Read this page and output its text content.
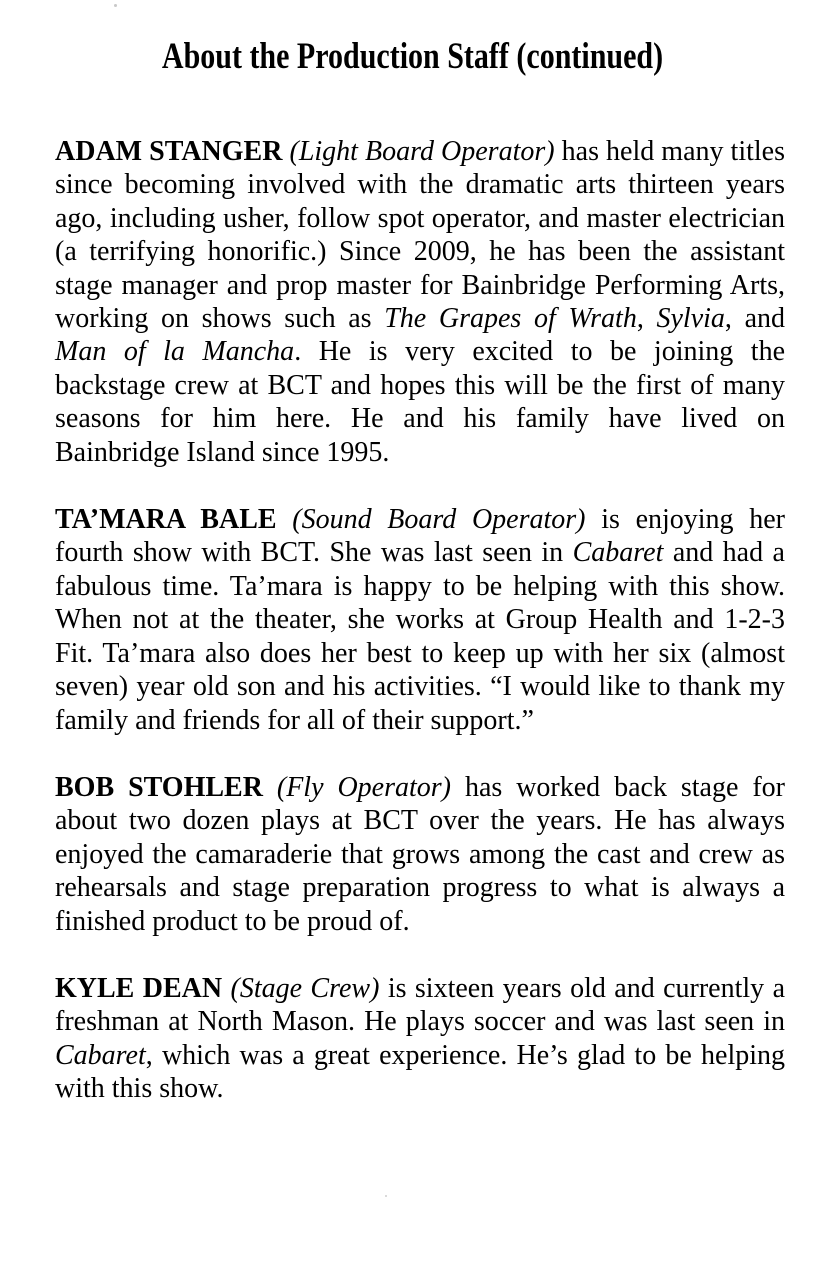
About the Production Staff (continued)

ADAM STANGER (Light Board Operator) has held many titles since becoming involved with the dramatic arts thirteen years ago, including usher, follow spot operator, and master electrician (a terrifying honorific.) Since 2009, he has been the assistant stage manager and prop master for Bainbridge Performing Arts, working on shows such as The Grapes of Wrath, Sylvia, and Man of la Mancha. He is very excited to be joining the backstage crew at BCT and hopes this will be the first of many seasons for him here. He and his family have lived on Bainbridge Island since 1995.

TA’MARA BALE (Sound Board Operator) is enjoying her fourth show with BCT. She was last seen in Cabaret and had a fabulous time. Ta’mara is happy to be helping with this show. When not at the theater, she works at Group Health and 1-2-3 Fit. Ta’mara also does her best to keep up with her six (almost seven) year old son and his activities. “I would like to thank my family and friends for all of their support.”

BOB STOHLER (Fly Operator) has worked back stage for about two dozen plays at BCT over the years. He has always enjoyed the camaraderie that grows among the cast and crew as rehearsals and stage preparation progress to what is always a finished product to be proud of.

KYLE DEAN (Stage Crew) is sixteen years old and currently a freshman at North Mason. He plays soccer and was last seen in Cabaret, which was a great experience. He’s glad to be helping with this show.
